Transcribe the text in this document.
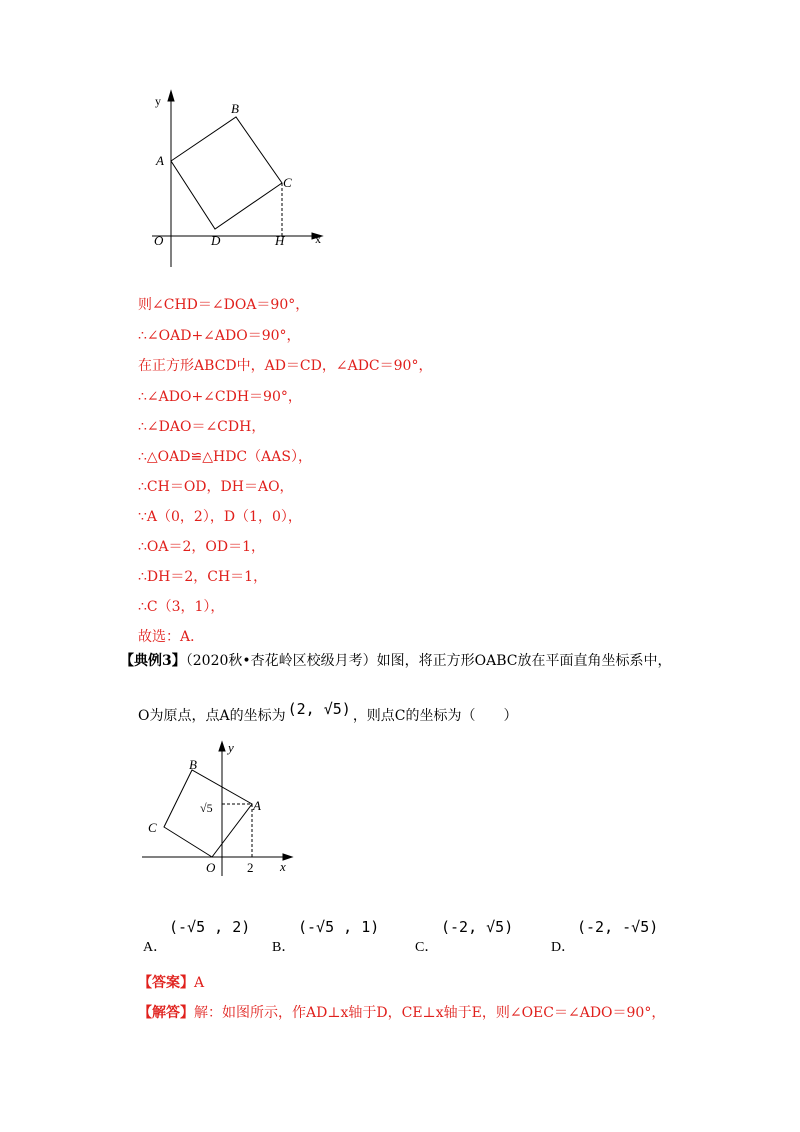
y
x
A
B
C
D
O	H
则∠CHD＝∠DOA＝90°，
∴∠OAD+∠ADO＝90°，
在正方形ABCD中，AD＝CD，∠ADC＝90°，
∴∠ADO+∠CDH＝90°，
∴∠DAO＝∠CDH，
∴△OAD≌△HDC（AAS），
∴CH＝OD，DH＝AO，
∵A（0，2），D（1，0），
∴OA＝2，OD＝1，
∴DH＝2，CH＝1，
∴C（3，1），
故选：A．
【典例3】（2020秋•杏花岭区校级月考）如图，将正方形OABC放在平面直角坐标系中，
O为原点，点A的坐标为 (2, √5) ，则点C的坐标为（　　）
y
x
A
B
C
O 2
√5
A．
(-√5 , 2)
B．
(-√5 , 1)
C．
(-2, √5)
D．
(-2, -√5)
【答案】A
【解答】解：如图所示，作AD⊥x轴于D，CE⊥x轴于E，则∠OEC＝∠ADO＝90°，
